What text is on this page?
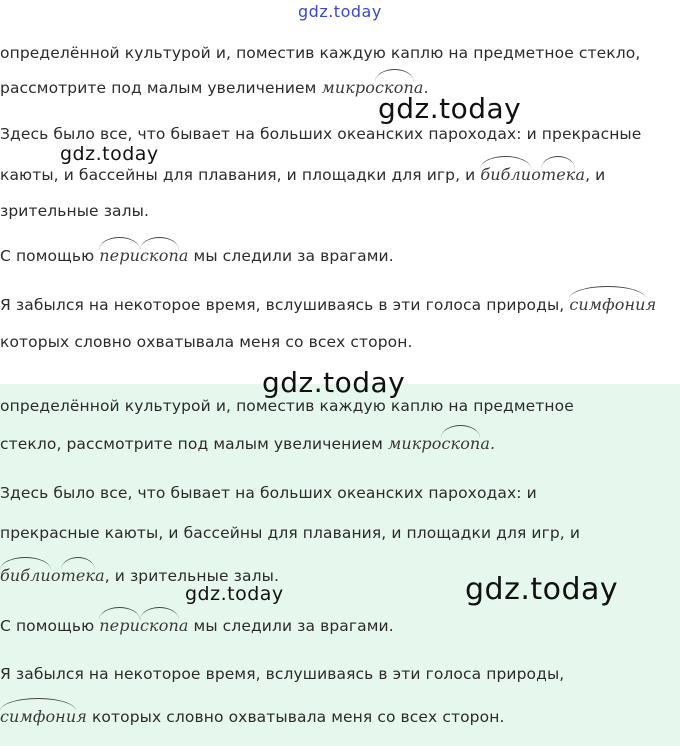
gdz.today
gdz.today
gdz.today
gdz.today
gdz.today
gdz.today
определённой культурой и, поместив каждую каплю на предметное стекло,
рассмотрите под малым увеличением микроскопа.
Здесь было все, что бывает на больших океанских пароходах: и прекрасные
каюты, и бассейны для плавания, и площадки для игр, и библиотека, и
зрительные залы.
С помощью перископа мы следили за врагами.
Я забылся на некоторое время, вслушиваясь в эти голоса природы, симфония
которых словно охватывала меня со всех сторон.
определённой культурой и, поместив каждую каплю на предметное
стекло, рассмотрите под малым увеличением микроскопа.
Здесь было все, что бывает на больших океанских пароходах: и
прекрасные каюты, и бассейны для плавания, и площадки для игр, и
библиотека, и зрительные залы.
С помощью перископа мы следили за врагами.
Я забылся на некоторое время, вслушиваясь в эти голоса природы,
симфония которых словно охватывала меня со всех сторон.
